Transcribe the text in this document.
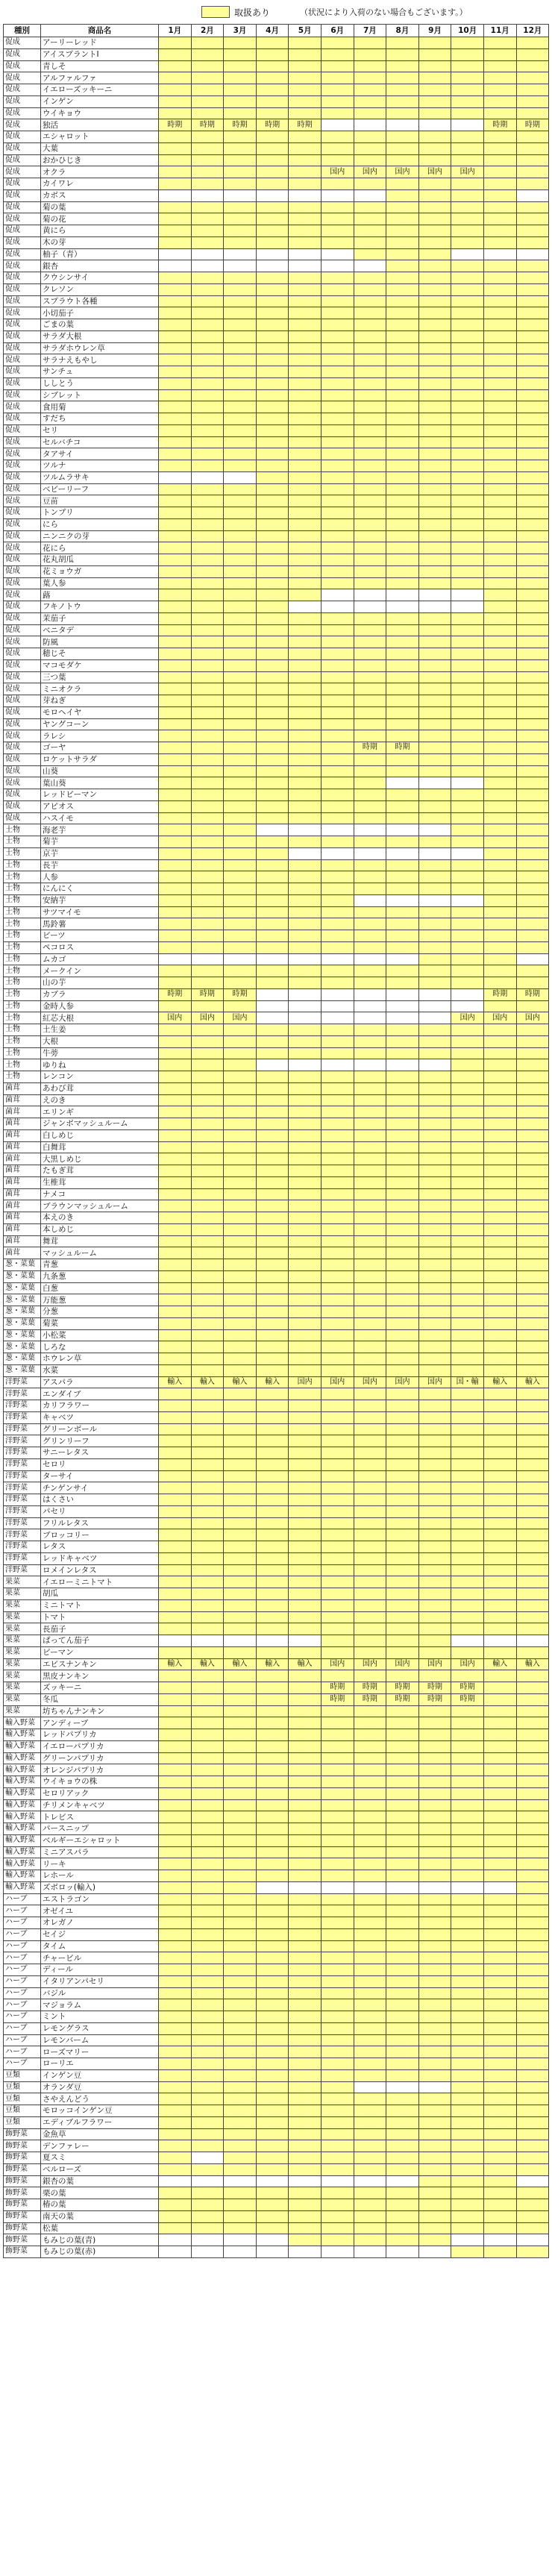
取扱あり	（状況により入荷のない場合もございます。）
種別	商品名	1月	2月	3月	4月	5月	6月	7月	8月	9月	10月	11月	12月
促成	アーリーレッド												
促成	アイスプラントI												
促成	青しそ												
促成	アルファルファ												
促成	イエローズッキーニ												
促成	インゲン												
促成	ウイキョウ												
促成	独活	時期	時期	時期	時期	時期						時期	時期
促成	エシャロット												
促成	大葉												
促成	おかひじき												
促成	オクラ						国内	国内	国内	国内	国内		
促成	カイワレ												
促成	カボス												
促成	菊の葉												
促成	菊の花												
促成	黄にら												
促成	木の芽												
促成	柚子（青）												
促成	銀杏												
促成	クウシンサイ												
促成	クレソン												
促成	スプラウト各種												
促成	小切茄子												
促成	ごまの葉												
促成	サラダ大根												
促成	サラダホウレン草												
促成	サラナえもやし												
促成	サンチュ												
促成	ししとう												
促成	シブレット												
促成	食用菊												
促成	すだち												
促成	セリ												
促成	セルバチコ												
促成	タアサイ												
促成	ツルナ												
促成	ツルムラサキ												
促成	ベビーリーフ												
促成	豆苗												
促成	トンブリ												
促成	にら												
促成	ニンニクの芽												
促成	花にら												
促成	花丸胡瓜												
促成	花ミョウガ												
促成	葉人参												
促成	蕗												
促成	フキノトウ												
促成	茉茄子												
促成	ベニタデ												
促成	防風												
促成	穂じそ												
促成	マコモダケ												
促成	三つ葉												
促成	ミニオクラ												
促成	芽ねぎ												
促成	モロヘイヤ												
促成	ヤングコーン												
促成	ラレシ												
促成	ゴーヤ							時期	時期				
促成	ロケットサラダ												
促成	山葵												
促成	葉山葵												
促成	レッドピーマン												
促成	アピオス												
促成	ハスイモ												
土物	海老芋												
土物	菊芋												
土物	京芋												
土物	長芋												
土物	人参												
土物	にんにく												
土物	安納芋												
土物	サツマイモ												
土物	馬鈴薯												
土物	ビーツ												
土物	ペコロス												
土物	ムカゴ												
土物	メークイン												
土物	山の芋												
土物	カブラ	時期	時期	時期								時期	時期
土物	金時人参												
土物	紅芯大根	国内	国内	国内							国内	国内	国内
土物	土生姜												
土物	大根												
土物	牛蒡												
土物	ゆりね												
土物	レンコン												
菌茸	あわび茸												
菌茸	えのき												
菌茸	エリンギ												
菌茸	ジャンボマッシュルーム												
菌茸	白しめじ												
菌茸	白舞茸												
菌茸	大黒しめじ												
菌茸	たもぎ茸												
菌茸	生椎茸												
菌茸	ナメコ												
菌茸	ブラウンマッシュルーム												
菌茸	本えのき												
菌茸	本しめじ												
菌茸	舞茸												
菌茸	マッシュルーム												
葱・菜葉	青葱												
葱・菜葉	九条葱												
葱・菜葉	白葱												
葱・菜葉	万能葱												
葱・菜葉	分葱												
葱・菜葉	菊菜												
葱・菜葉	小松菜												
葱・菜葉	しろな												
葱・菜葉	ホウレン草												
葱・菜葉	水菜												
洋野菜	アスパラ	輸入	輸入	輸入	輸入	国内	国内	国内	国内	国内	国・輸	輸入	輸入
洋野菜	エンダイブ												
洋野菜	カリフラワー												
洋野菜	キャベツ												
洋野菜	グリーンボール												
洋野菜	グリンリーフ												
洋野菜	サニーレタス												
洋野菜	セロリ												
洋野菜	ターサイ												
洋野菜	チンゲンサイ												
洋野菜	はくさい												
洋野菜	パセリ												
洋野菜	フリルレタス												
洋野菜	ブロッコリー												
洋野菜	レタス												
洋野菜	レッドキャベツ												
洋野菜	ロメインレタス												
果菜	イエローミニトマト												
果菜	胡瓜												
果菜	ミニトマト												
果菜	トマト												
果菜	長茄子												
果菜	ぱってん茄子												
果菜	ピーマン												
果菜	エビスナンキン	輸入	輸入	輸入	輸入	輸入	国内	国内	国内	国内	国内	輸入	輸入
果菜	黒皮ナンキン												
果菜	ズッキーニ						時期	時期	時期	時期	時期		
果菜	冬瓜						時期	時期	時期	時期	時期		
果菜	坊ちゃんナンキン												
輸入野菜	アンディーブ												
輸入野菜	レッドパプリカ												
輸入野菜	イエローパプリカ												
輸入野菜	グリーンパプリカ												
輸入野菜	オレンジパプリカ												
輸入野菜	ウイキョウの株												
輸入野菜	セロリアック												
輸入野菜	チリメンキャベツ												
輸入野菜	トレビス												
輸入野菜	パースニップ												
輸入野菜	ベルギーエシャロット												
輸入野菜	ミニアスパラ												
輸入野菜	リーキ												
輸入野菜	レホール												
輸入野菜	ズボロッ(輸入)												
ハーブ	エストラゴン												
ハーブ	オゼイユ												
ハーブ	オレガノ												
ハーブ	セイジ												
ハーブ	タイム												
ハーブ	チャービル												
ハーブ	ディール												
ハーブ	イタリアンパセリ												
ハーブ	バジル												
ハーブ	マジョラム												
ハーブ	ミント												
ハーブ	レモングラス												
ハーブ	レモンバーム												
ハーブ	ローズマリー												
ハーブ	ローリエ												
豆類	インゲン豆												
豆類	オランダ豆												
豆類	さやえんどう												
豆類	モロッコインゲン豆												
豆類	エディブルフラワー												
飾野菜	金魚草												
飾野菜	デンファレー												
飾野菜	夏スミ												
飾野菜	ベルローズ												
飾野菜	銀杏の葉												
飾野菜	栗の葉												
飾野菜	椿の葉												
飾野菜	南天の葉												
飾野菜	松葉												
飾野菜	もみじの葉(青)												
飾野菜	もみじの葉(赤)												
